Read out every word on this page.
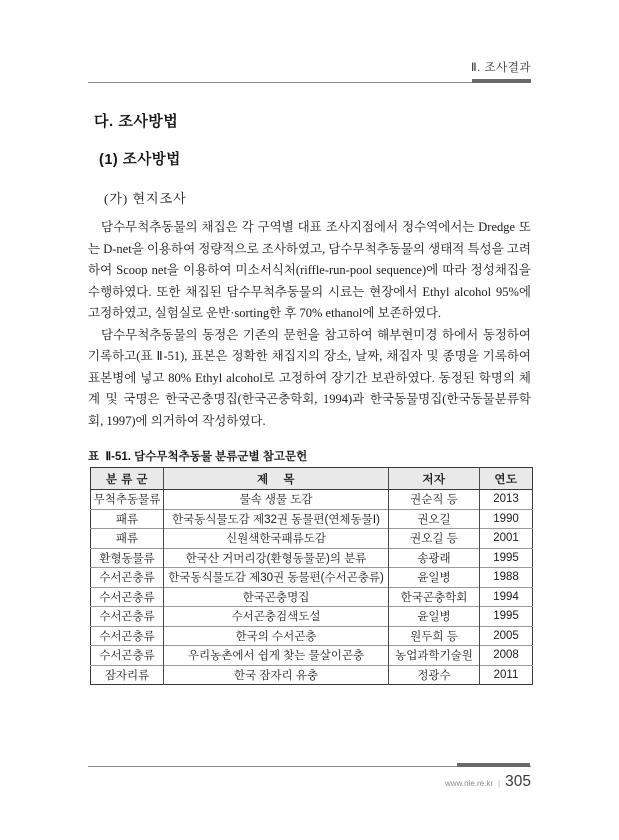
Ⅱ. 조사결과
다. 조사방법
(1) 조사방법
(가) 현지조사

담수무척추동물의 채집은 각 구역별 대표 조사지점에서 정수역에서는 Dredge 또는 D-net을 이용하여 정량적으로 조사하였고, 담수무척추동물의 생태적 특성을 고려하여 Scoop net을 이용하여 미소서식처(riffle-run-pool sequence)에 따라 정성채집을 수행하였다. 또한 채집된 담수무척추동물의 시료는 현장에서 Ethyl alcohol 95%에 고정하였고, 실험실로 운반·sorting한 후 70% ethanol에 보존하였다.

담수무척추동물의 동정은 기존의 문헌을 참고하여 해부현미경 하에서 동정하여 기록하고(표 Ⅱ-51), 표본은 정확한 채집지의 장소, 날짜, 채집자 및 종명을 기록하여 표본병에 넣고 80% Ethyl alcohol로 고정하여 장기간 보관하였다. 동정된 학명의 체계 및 국명은 한국곤충명집(한국곤충학회, 1994)과 한국동물명집(한국동물분류학회, 1997)에 의거하여 작성하였다.

표  Ⅱ-51. 담수무척추동물 분류군별 참고문헌
분 류 군	제    목	저자	연도
무척추동물류	물속 생물 도감	권순직 등	2013
패류	한국동식물도감 제32권 동물편(연체동물Ⅰ)	권오길	1990
패류	신원색한국패류도감	권오길 등	2001
환형동물류	한국산 거머리강(환형동물문)의 분류	송광래	1995
수서곤충류	한국동식물도감 제30권 동물편(수서곤충류)	윤일병	1988
수서곤충류	한국곤충명집	한국곤충학회	1994
수서곤충류	수서곤충검색도설	윤일병	1995
수서곤충류	한국의 수서곤충	원두희 등	2005
수서곤충류	우리농촌에서 쉽게 찾는 물살이곤충	농업과학기술원	2008
잠자리류	한국 잠자리 유충	정광수	2011
www.nie.re.kr | 305
